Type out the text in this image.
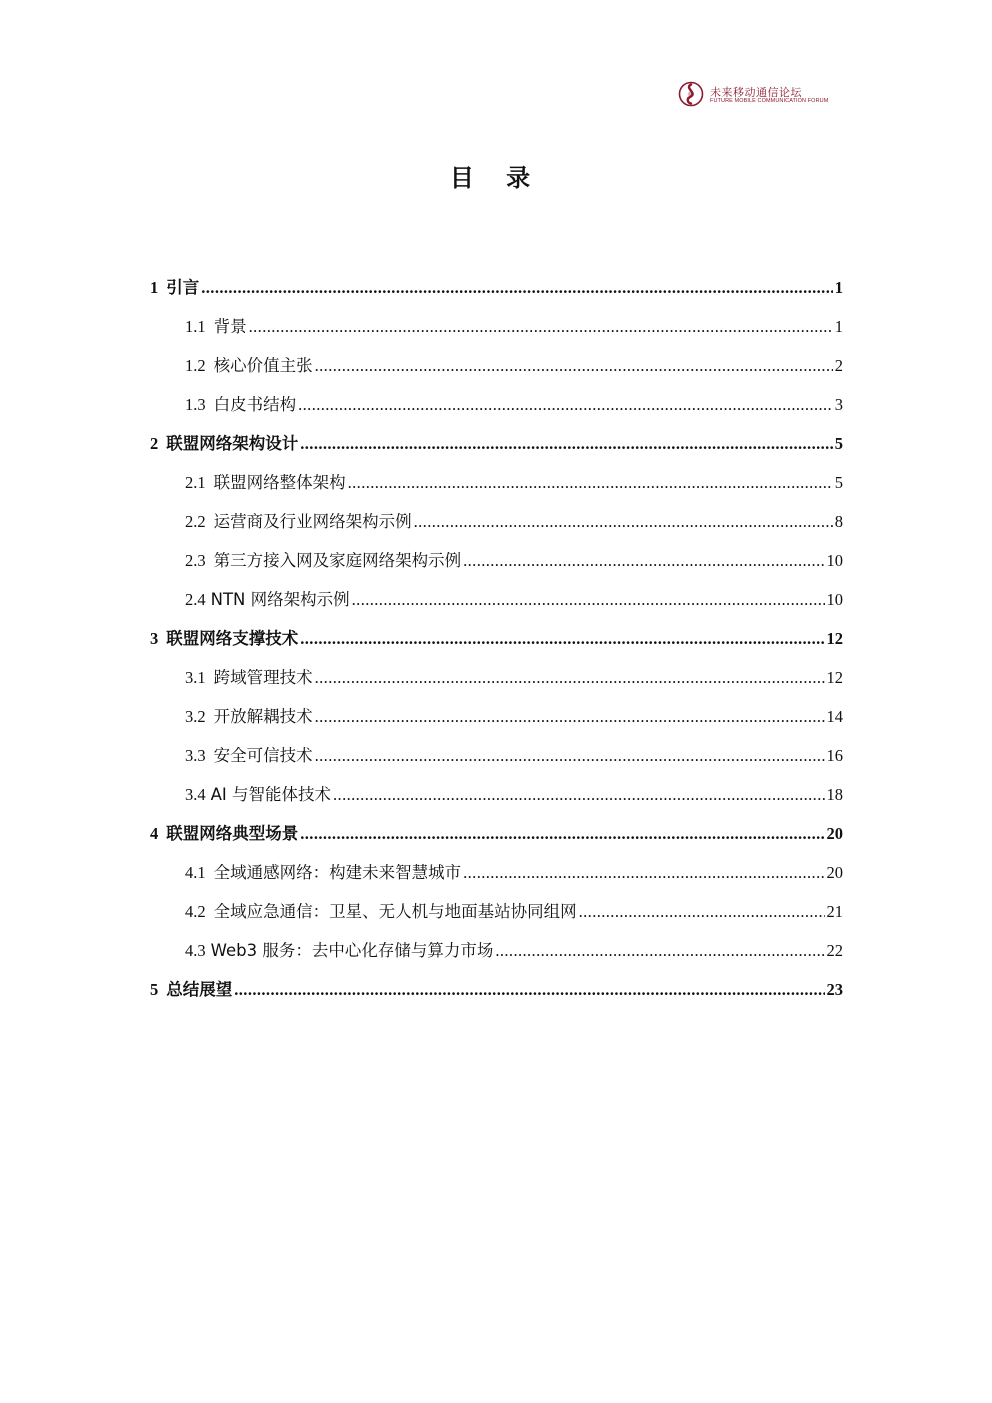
未来移动通信论坛
FUTURE MOBILE COMMUNICATION FORUM
目 录
1 引言 .....	1
1.1 背景 .....	1
1.2 核心价值主张 .....	2
1.3 白皮书结构 .....	3
2 联盟网络架构设计 .....	5
2.1 联盟网络整体架构 .....	5
2.2 运营商及行业网络架构示例 .....	8
2.3 第三方接入网及家庭网络架构示例 .....	10
2.4 NTN 网络架构示例 .....	10
3 联盟网络支撑技术 .....	12
3.1 跨域管理技术 .....	12
3.2 开放解耦技术 .....	14
3.3 安全可信技术 .....	16
3.4 AI 与智能体技术 .....	18
4 联盟网络典型场景 .....	20
4.1 全域通感网络：构建未来智慧城市 .....	20
4.2 全域应急通信：卫星、无人机与地面基站协同组网 .....	21
4.3 Web3 服务：去中心化存储与算力市场 .....	22
5 总结展望 .....	23
